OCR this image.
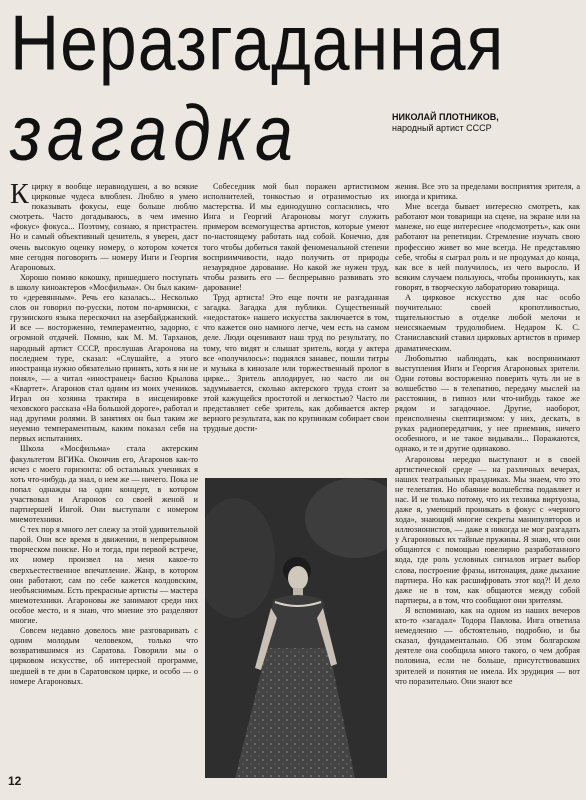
Неразгаданная
загадка	НИКОЛАЙ ПЛОТНИКОВ,
народный артист СССР

Кцирку я вообще неравнодушен, а во всякие цирковые чудеса влюблен. Люблю я умею показывать фокусы, еще больше люблю смотреть. Часто догадываюсь, в чем именно «фокус» фокуса... Поэтому, сознаю, я пристрастен. Но и самый объективный ценитель, я уверен, даст очень высокую оценку номеру, о котором хочется мне сегодня поговорить — номеру Инги и Георгия Агароновых.

Хорошо помню кокошку, пришедшего поступать в школу киноактеров «Мосфильма». Он был каким-то «деревянным». Речь его казалась... Несколько слов он говорил по-русски, потом по-армянски, с грузинского языка перескочил на азербайджанский. И все — восторженно, темпераментно, задорно, с огромной отдачей. Помню, как М. М. Тарханов, народный артист СССР, прослушав Агаронова на последнем туре, сказал: «Слушайте, а этого иностранца нужно обязательно принять, хоть я ни не понял», — а читал «иностранец» басню Крылова «Квартет». Агаронов стал одним из моих учеников. Играл он хозяина трактира в инсценировке чеховского рассказа «На большой дороге», работал и над другими ролями. В занятиях он был таким же неуемно темпераментным, каким показал себя на первых испытаниях.

Школа «Мосфильма» стала актерским факультетом ВГИКа. Окончив его, Агаронов как-то исчез с моего горизонта: об остальных учениках я хоть что-нибудь да знал, о нем же — ничего. Пока не попал однажды на один концерт, в котором участвовал и Агаронов со своей женой и партнершей Ингой. Они выступали с номером мнемотехники.

С тех пор я много лет слежу за этой удивительной парой. Они все время в движении, в непрерывном творческом поиске. Но и тогда, при первой встрече, их номер произвел на меня какое-то сверхъестественное впечатление. Жанр, в котором они работают, сам по себе кажется колдовским, необъяснимым. Есть прекрасные артисты — мастера мнемотехники. Агароновы же занимают среди них особое место, и я знаю, что мнение это разделяют многие.

Совсем недавно довелось мне разговаривать с одним молодым человеком, только что возвратившимся из Саратова. Говорили мы о цирковом искусстве, об интересной программе, шедшей в те дни в Саратовском цирке, и особо — о номере Агароновых.

Собеседник мой был поражен артистизмом исполнителей, тонкостью и отразимостью их мастерства. И мы единодушно согласились, что Инга и Георгий Агароновы могут служить примером всемогущества артистов, которые умеют по-настоящему работать над собой. Конечно, для того чтобы добиться такой феноменальной степени восприимчивости, надо получить от природы незаурядное дарование. Но какой же нужен труд, чтобы развить его — беспрерывно развивать это дарование!

Труд артиста! Это еще почти не разгаданная загадка. Загадка для публики. Существенный «недостаток» нашего искусства заключается в том, что кажется оно намного легче, чем есть на самом деле. Люди оценивают наш труд по результату, по тому, что видят и слышат зритель, когда у актера все «получилось»: поднялся занавес, пошли титры и музыка в кинозале или торжественный пролог в цирке... Зритель аплодирует, но часто ли он задумывается, сколько актерского труда стоит за этой кажущейся простотой и легкостью? Часто ли представляет себе зритель, как добивается актер верного результата, как по крупинкам собирает свои трудные дости-

жения. Все это за пределами восприятия зрителя, а иногда и критика.

Мне всегда бывает интересно смотреть, как работают мои товарищи на сцене, на экране или на манеже, но еще интереснее «подсмотреть», как они работают на репетиции. Стремление изучать свою профессию живет во мне всегда. Не представляю себе, чтобы я сыграл роль и не продумал до конца, как все в ней получилось, из чего выросло. И всяким случаем пользуюсь, чтобы проникнуть, как говорят, в творческую лабораторию товарища.

А цирковое искусство для нас особо поучительно: своей кропотливостью, тщательностью в отделке любой мелочи и неиссякаемым трудолюбием. Недаром К. С. Станиславский ставил цирковых артистов в пример драматическим.

Любопытно наблюдать, как воспринимают выступления Инги и Георгия Агароновых зрители. Одни готовы восторженно поверить чуть ли не в волшебство — в телепатию, передачу мыслей на расстоянии, в гипноз или что-нибудь такое же рядом и загадочное. Другие, наоборот, преисполнены скептицизмом: у них, дескать, в руках радиопередатчик, у нее приемник, ничего особенного, и не такое видывали... Поражаются, однако, и те и другие одинаково.

Агароновы нередко выступают и в своей артистической среде — на различных вечерах, наших театральных праздниках. Мы знаем, что это не телепатия. Но обаяние волшебства подавляет и нас. И не только потому, что их техника виртуозна, даже я, умеющий проникать в фокус с «черного хода», знающий многие секреты манипуляторов и иллюзионистов, — даже я никогда не мог разгадать у Агароновых их тайные пружины. Я знаю, что они общаются с помощью ювелирно разработанного кода, где роль условных сигналов играет выбор слова, построение фразы, интонация, даже дыхание партнера. Но как расшифровать этот код?! И дело даже не в том, как общаются между собой партнеры, а в том, что сообщают они зрителям.

Я вспоминаю, как на одном из наших вечеров кто-то «загадал» Тодора Павлова. Инга ответила немедленно — обстоятельно, подробно, и бы сказал, фундаментально. Об этом болгарском деятеле она сообщила много такого, о чем добрая половина, если не больше, присутствовавших зрителей и понятия не имела. Их эрудиция — вот что поразительно. Они знают все

12
